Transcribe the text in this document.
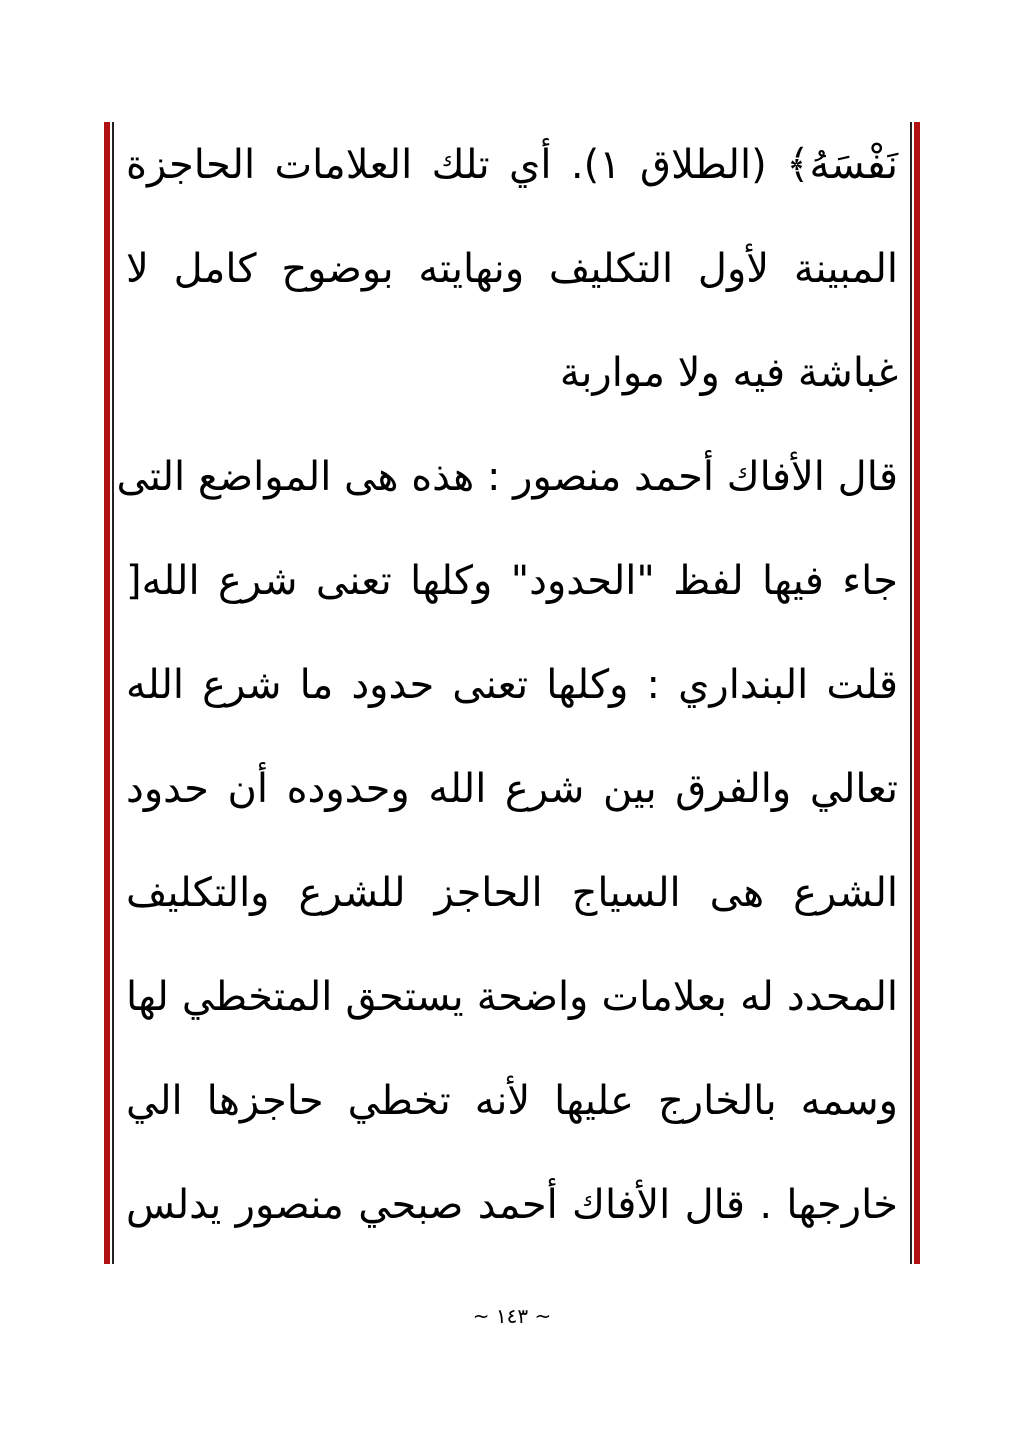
نَفْسَهُ﴾ (الطلاق ١). أي تلك العلامات الحاجزة
المبينة لأول التكليف ونهايته بوضوح كامل لا
غباشة فيه ولا مواربة
قال الأفاك أحمد منصور : هذه هى المواضع التى
جاء فيها لفظ "الحدود" وكلها تعنى شرع الله[
قلت البنداري : وكلها تعنى حدود ما شرع الله
تعالي والفرق بين شرع الله وحدوده أن حدود
الشرع هى السياج الحاجز للشرع والتكليف
المحدد له بعلامات واضحة يستحق المتخطي لها
وسمه بالخارج عليها لأنه تخطي حاجزها الي
خارجها . قال الأفاك أحمد صبحي منصور يدلس
~ ١٤٣ ~
